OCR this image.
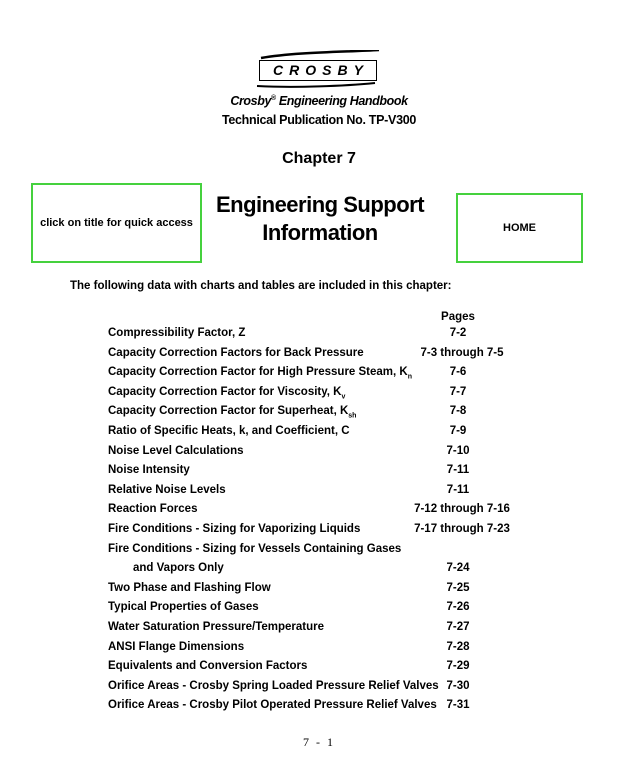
CROSBY
Crosby® Engineering Handbook
Technical Publication No. TP-V300
Chapter 7
click on title for quick access
Engineering Support
Information	HOME
The following data with charts and tables are included in this chapter:
Pages
Compressibility Factor, Z	7-2
Capacity Correction Factors for Back Pressure	7-3 through 7-5
Capacity Correction Factor for High Pressure Steam, $K_n$	7-6
Capacity Correction Factor for Viscosity, $K_v$	7-7
Capacity Correction Factor for Superheat, $K_{sh}$	7-8
Ratio of Specific Heats, k, and Coefficient, C	7-9
Noise Level Calculations	7-10
Noise Intensity	7-11
Relative Noise Levels	7-11
Reaction Forces	7-12 through 7-16
Fire Conditions - Sizing for Vaporizing Liquids	7-17 through 7-23
Fire Conditions - Sizing for Vessels Containing Gases
and Vapors Only	7-24
Two Phase and Flashing Flow	7-25
Typical Properties of Gases	7-26
Water Saturation Pressure/Temperature	7-27
ANSI Flange Dimensions	7-28
Equivalents and Conversion Factors	7-29
Orifice Areas - Crosby Spring Loaded Pressure Relief Valves 7-30
Orifice Areas - Crosby Pilot Operated Pressure Relief Valves 7-31
7 - 1
